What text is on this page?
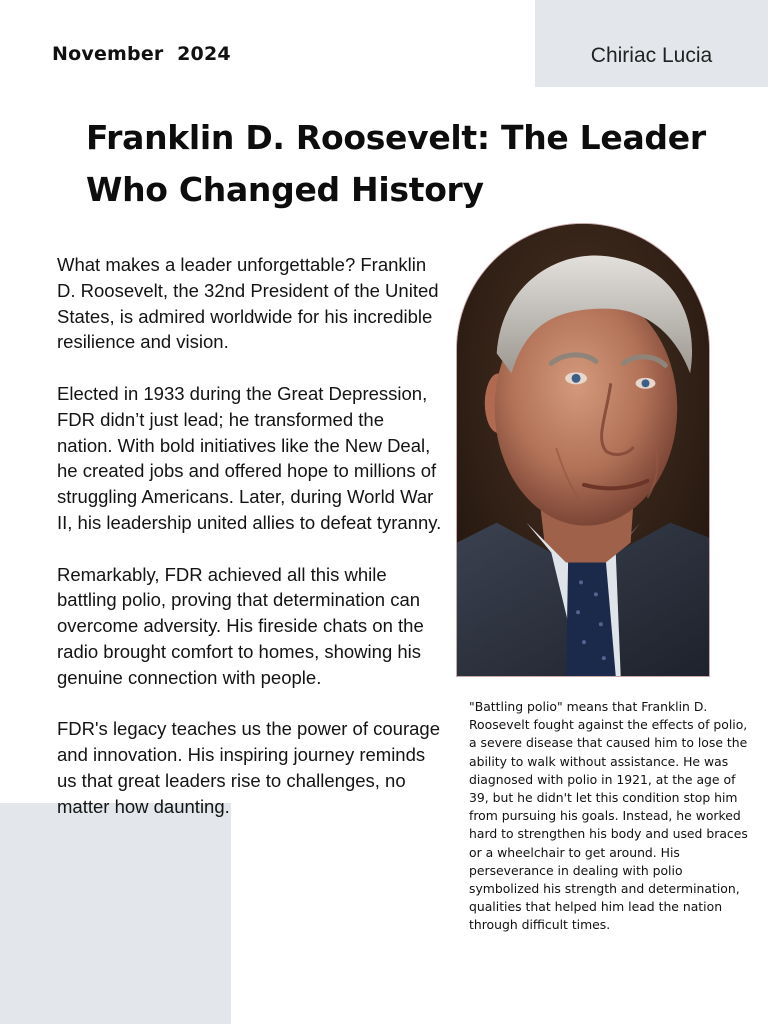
November  2024	Chiriac Lucia
Franklin D. Roosevelt: The Leader Who Changed History

What makes a leader unforgettable? Franklin D. Roosevelt, the 32nd President of the United States, is admired worldwide for his incredible resilience and vision.

Elected in 1933 during the Great Depression, FDR didn’t just lead; he transformed the nation. With bold initiatives like the New Deal, he created jobs and offered hope to millions of struggling Americans. Later, during World War II, his leadership united allies to defeat tyranny.

Remarkably, FDR achieved all this while battling polio, proving that determination can overcome adversity. His fireside chats on the radio brought comfort to homes, showing his genuine connection with people.

FDR's legacy teaches us the power of courage and innovation. His inspiring journey reminds us that great leaders rise to challenges, no matter how daunting.

"Battling polio" means that Franklin D. Roosevelt fought against the effects of polio, a severe disease that caused him to lose the ability to walk without assistance. He was diagnosed with polio in 1921, at the age of 39, but he didn't let this condition stop him from pursuing his goals. Instead, he worked hard to strengthen his body and used braces or a wheelchair to get around. His perseverance in dealing with polio symbolized his strength and determination, qualities that helped him lead the nation through difficult times.
